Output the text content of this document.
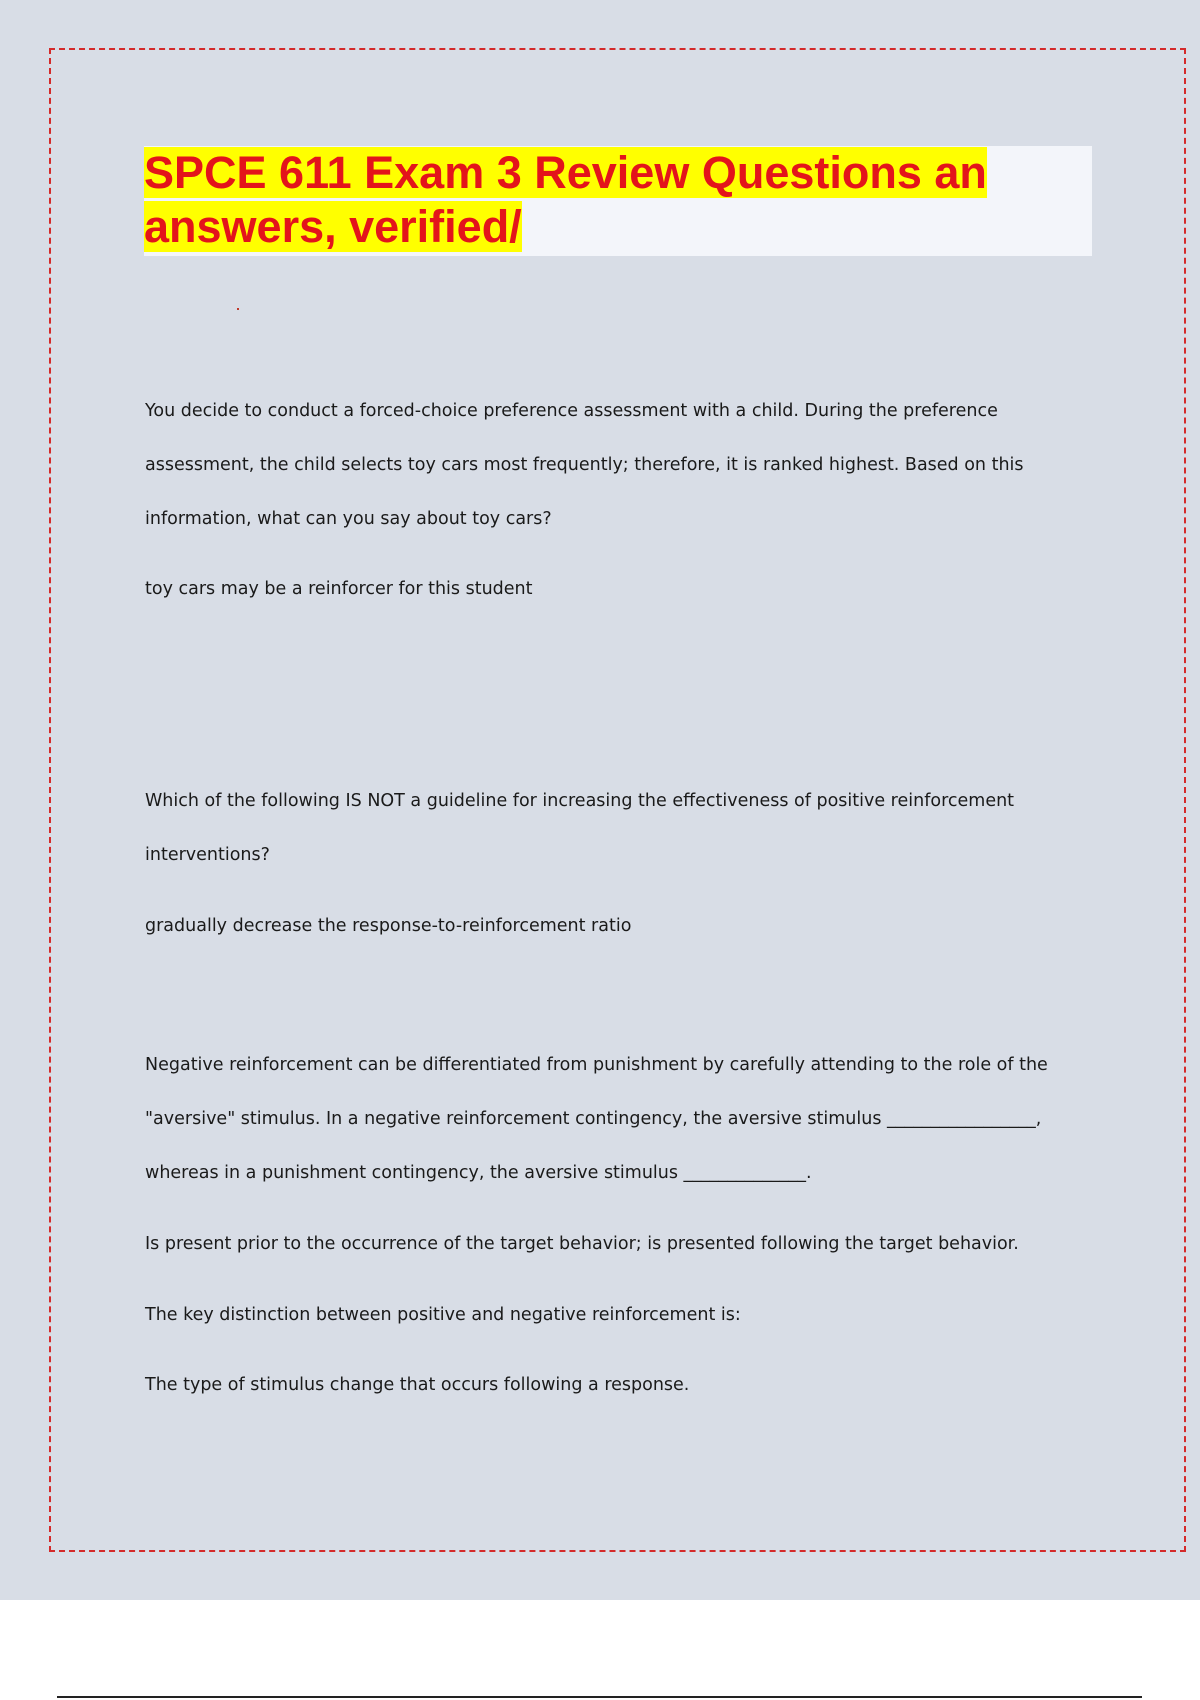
SPCE 611 Exam 3 Review Questions an
answers, verified/

You decide to conduct a forced-choice preference assessment with a child. During the preference assessment, the child selects toy cars most frequently; therefore, it is ranked highest. Based on this information, what can you say about toy cars?

toy cars may be a reinforcer for this student

Which of the following IS NOT a guideline for increasing the effectiveness of positive reinforcement interventions?

gradually decrease the response-to-reinforcement ratio

Negative reinforcement can be differentiated from punishment by carefully attending to the role of the "aversive" stimulus. In a negative reinforcement contingency, the aversive stimulus _________________, whereas in a punishment contingency, the aversive stimulus ______________.

Is present prior to the occurrence of the target behavior; is presented following the target behavior.

The key distinction between positive and negative reinforcement is:

The type of stimulus change that occurs following a response.
